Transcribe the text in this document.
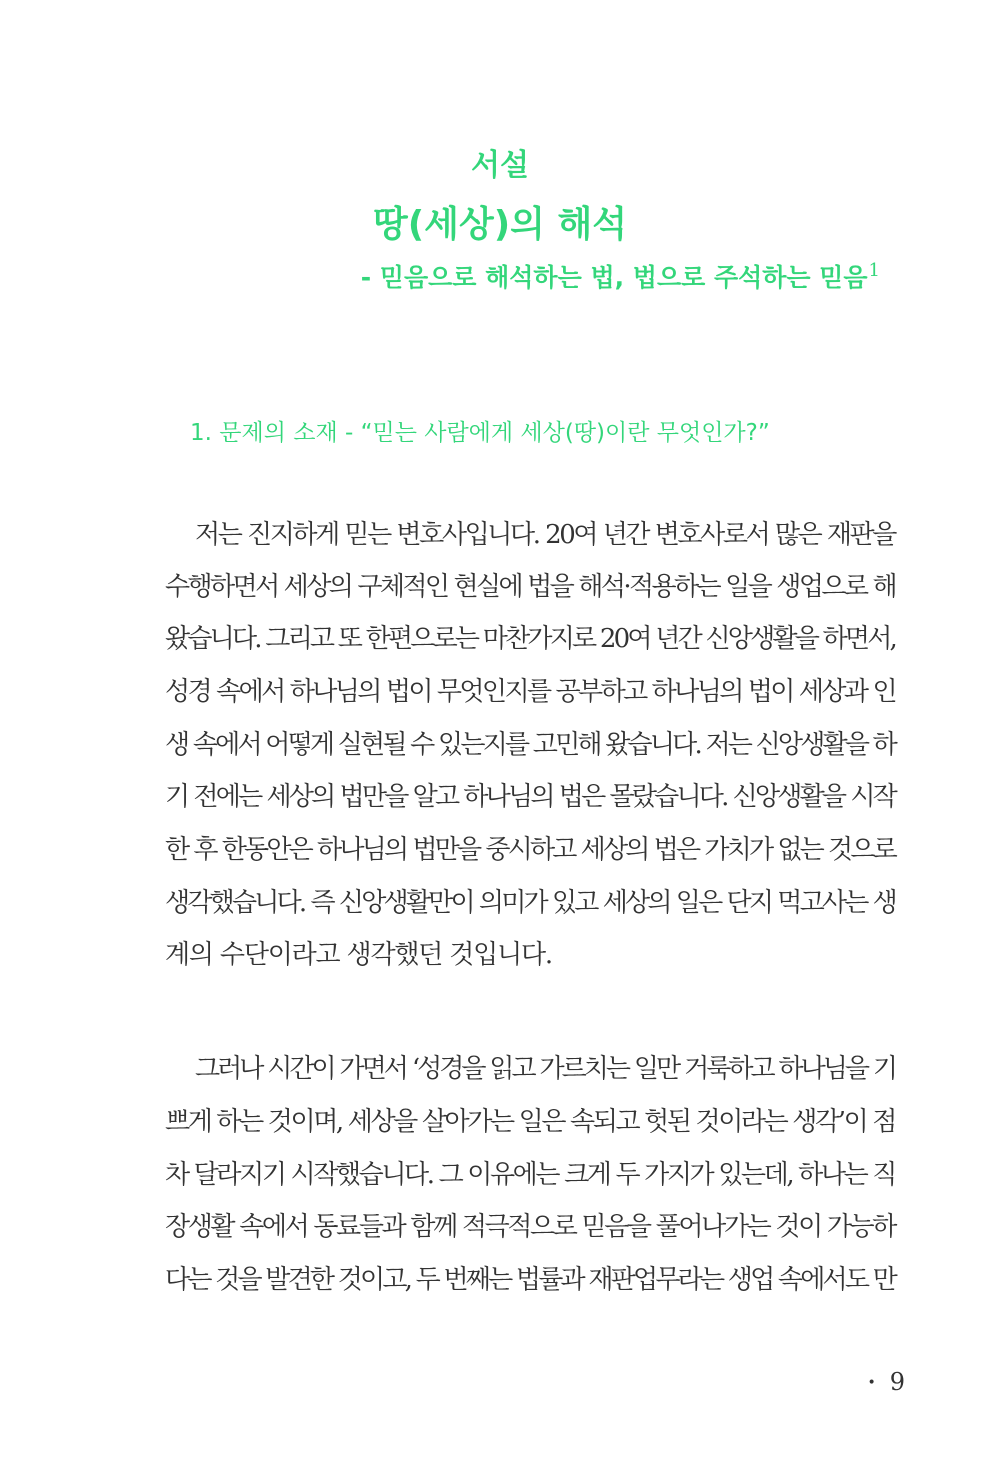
서설
땅(세상)의 해석
- 믿음으로 해석하는 법, 법으로 주석하는 믿음$^1$
1. 문제의 소재 - “믿는 사람에게 세상(땅)이란 무엇인가?”
저는 진지하게 믿는 변호사입니다. 20여 년간 변호사로서 많은 재판을
수행하면서 세상의 구체적인 현실에 법을 해석·적용하는 일을 생업으로 해
왔습니다. 그리고 또 한편으로는 마찬가지로 20여 년간 신앙생활을 하면서,
성경 속에서 하나님의 법이 무엇인지를 공부하고 하나님의 법이 세상과 인
생 속에서 어떻게 실현될 수 있는지를 고민해 왔습니다. 저는 신앙생활을 하
기 전에는 세상의 법만을 알고 하나님의 법은 몰랐습니다. 신앙생활을 시작
한 후 한동안은 하나님의 법만을 중시하고 세상의 법은 가치가 없는 것으로
생각했습니다. 즉 신앙생활만이 의미가 있고 세상의 일은 단지 먹고사는 생
계의 수단이라고 생각했던 것입니다.
그러나 시간이 가면서 ‘성경을 읽고 가르치는 일만 거룩하고 하나님을 기
쁘게 하는 것이며, 세상을 살아가는 일은 속되고 헛된 것이라는 생각’이 점
차 달라지기 시작했습니다. 그 이유에는 크게 두 가지가 있는데, 하나는 직
장생활 속에서 동료들과 함께 적극적으로 믿음을 풀어나가는 것이 가능하
다는 것을 발견한 것이고, 두 번째는 법률과 재판업무라는 생업 속에서도 만
• 9
